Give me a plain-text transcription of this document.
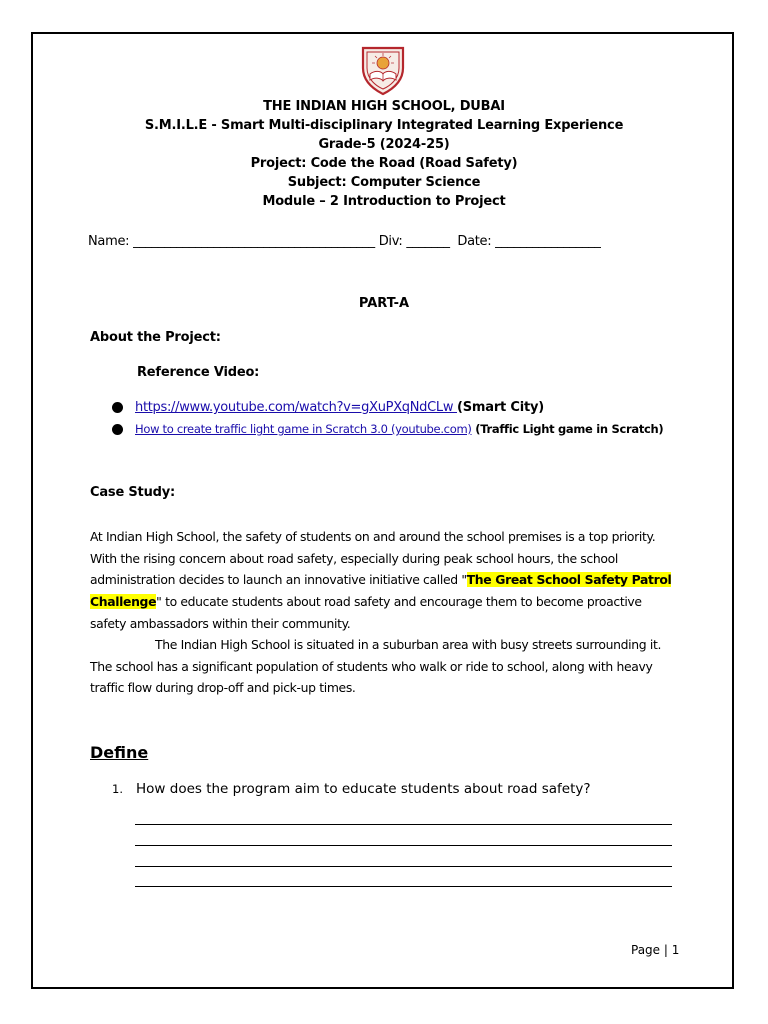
THE INDIAN HIGH SCHOOL, DUBAI
S.M.I.L.E - Smart Multi-disciplinary Integrated Learning Experience
Grade-5 (2024-25)
Project: Code the Road (Road Safety)
Subject: Computer Science
Module – 2 Introduction to Project
Name: _______________________________________ Div: _______  Date: _________________
PART-A
About the Project:
Reference Video:
https://www.youtube.com/watch?v=gXuPXqNdCLw (Smart City)
How to create traffic light game in Scratch 3.0 (youtube.com) (Traffic Light game in Scratch)
Case Study:
At Indian High School, the safety of students on and around the school premises is a top priority. With the rising concern about road safety, especially during peak school hours, the school administration decides to launch an innovative initiative called "The Great School Safety Patrol Challenge" to educate students about road safety and encourage them to become proactive safety ambassadors within their community.
The Indian High School is situated in a suburban area with busy streets surrounding it. The school has a significant population of students who walk or ride to school, along with heavy traffic flow during drop-off and pick-up times.
Define
1. How does the program aim to educate students about road safety?
Page | 1
